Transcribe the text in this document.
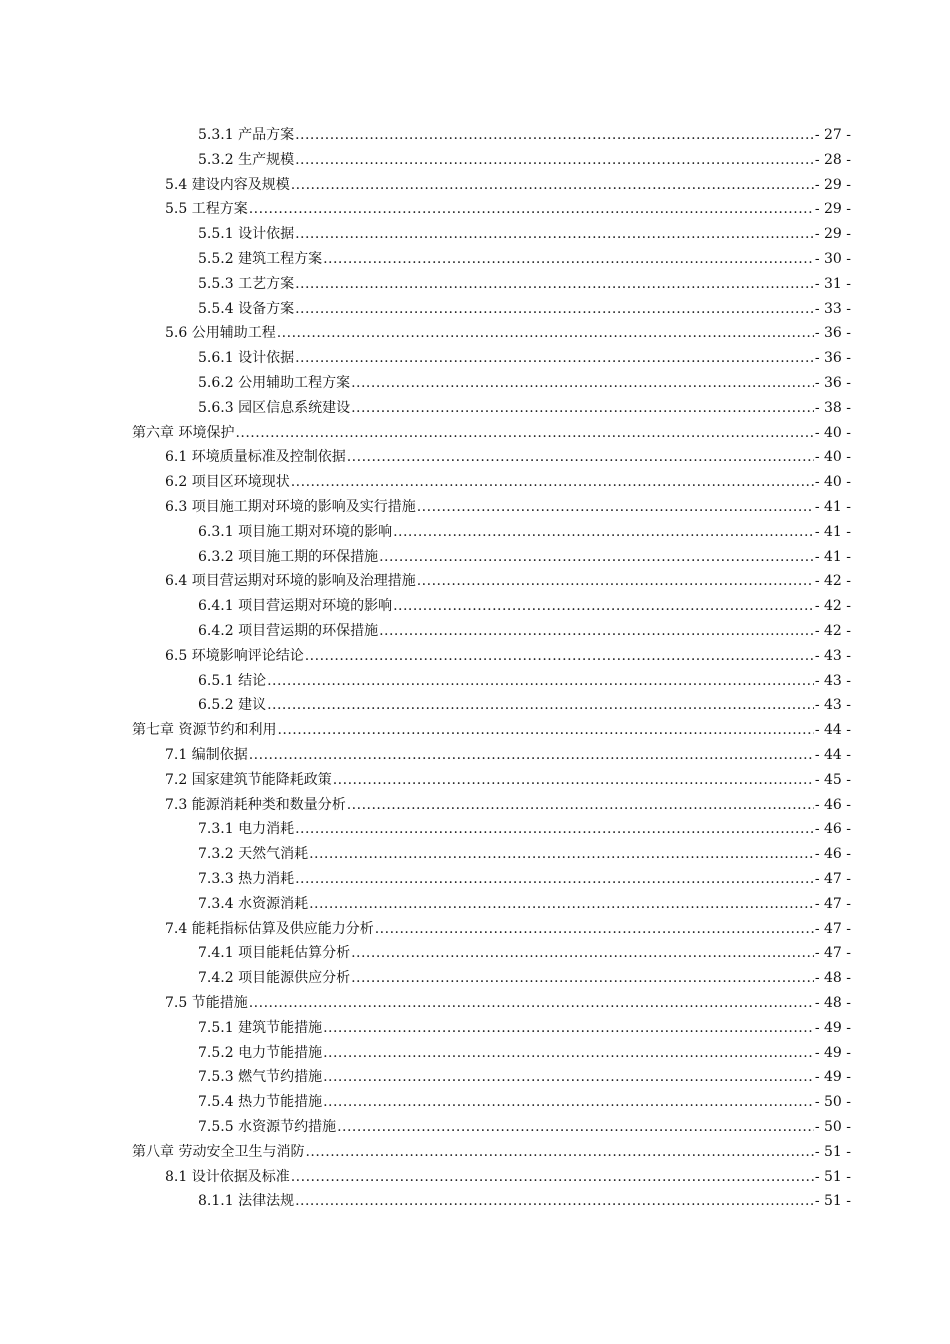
5.3.1 产品方案 .....	- 27 -
5.3.2 生产规模 .....	- 28 -
5.4 建设内容及规模 .....	- 29 -
5.5 工程方案 .....	- 29 -
5.5.1 设计依据 .....	- 29 -
5.5.2 建筑工程方案 .....	- 30 -
5.5.3 工艺方案 .....	- 31 -
5.5.4 设备方案 .....	- 33 -
5.6 公用辅助工程 .....	- 36 -
5.6.1 设计依据 .....	- 36 -
5.6.2 公用辅助工程方案 .....	- 36 -
5.6.3 园区信息系统建设 .....	- 38 -
第六章 环境保护 .....	- 40 -
6.1 环境质量标准及控制依据 .....	- 40 -
6.2 项目区环境现状 .....	- 40 -
6.3 项目施工期对环境的影响及实行措施 .....	- 41 -
6.3.1 项目施工期对环境的影响 .....	- 41 -
6.3.2 项目施工期的环保措施 .....	- 41 -
6.4 项目营运期对环境的影响及治理措施 .....	- 42 -
6.4.1 项目营运期对环境的影响 .....	- 42 -
6.4.2 项目营运期的环保措施 .....	- 42 -
6.5 环境影响评论结论 .....	- 43 -
6.5.1 结论 .....	- 43 -
6.5.2 建议 .....	- 43 -
第七章 资源节约和利用 .....	- 44 -
7.1 编制依据 .....	- 44 -
7.2 国家建筑节能降耗政策 .....	- 45 -
7.3 能源消耗种类和数量分析 .....	- 46 -
7.3.1 电力消耗 .....	- 46 -
7.3.2 天然气消耗 .....	- 46 -
7.3.3 热力消耗 .....	- 47 -
7.3.4 水资源消耗 .....	- 47 -
7.4 能耗指标估算及供应能力分析 .....	- 47 -
7.4.1 项目能耗估算分析 .....	- 47 -
7.4.2 项目能源供应分析 .....	- 48 -
7.5 节能措施 .....	- 48 -
7.5.1 建筑节能措施 .....	- 49 -
7.5.2 电力节能措施 .....	- 49 -
7.5.3 燃气节约措施 .....	- 49 -
7.5.4 热力节能措施 .....	- 50 -
7.5.5 水资源节约措施 .....	- 50 -
第八章 劳动安全卫生与消防 .....	- 51 -
8.1 设计依据及标准 .....	- 51 -
8.1.1 法律法规 .....	- 51 -
